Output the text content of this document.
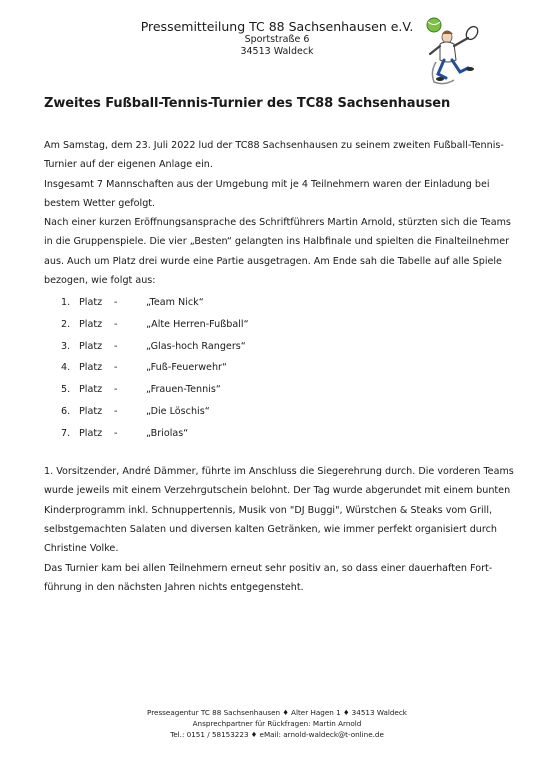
Pressemitteilung TC 88 Sachsenhausen e.V.
Sportstraße 6
34513 Waldeck
Zweites Fußball-Tennis-Turnier des TC88 Sachsenhausen

Am Samstag, dem 23. Juli 2022 lud der TC88 Sachsenhausen zu seinem zweiten Fußball-Tennis-Turnier auf der eigenen Anlage ein.

Insgesamt 7 Mannschaften aus der Umgebung mit je 4 Teilnehmern waren der Einladung bei bestem Wetter gefolgt.

Nach einer kurzen Eröffnungsansprache des Schriftführers Martin Arnold, stürzten sich die Teams in die Gruppenspiele. Die vier „Besten“ gelangten ins Halbfinale und spielten die Finalteilnehmer aus. Auch um Platz drei wurde eine Partie ausgetragen. Am Ende sah die Tabelle auf alle Spiele bezogen, wie folgt aus:

1. Platz -	„Team Nick“
2. Platz -	„Alte Herren-Fußball“
3. Platz -	„Glas-hoch Rangers“
4. Platz -	„Fuß-Feuerwehr“
5. Platz -	„Frauen-Tennis“
6. Platz -	„Die Löschis“
7. Platz -	„Briolas“

1. Vorsitzender, André Dämmer, führte im Anschluss die Siegerehrung durch. Die vorderen Teams wurde jeweils mit einem Verzehrgutschein belohnt. Der Tag wurde abgerundet mit einem bunten Kinderprogramm inkl. Schnuppertennis, Musik von "DJ Buggi", Würstchen & Steaks vom Grill, selbstgemachten Salaten und diversen kalten Getränken, wie immer perfekt organisiert durch Christine Volke.

Das Turnier kam bei allen Teilnehmern erneut sehr positiv an, so dass einer dauerhaften Fort-führung in den nächsten Jahren nichts entgegensteht.

Presseagentur TC 88 Sachsenhausen ♦ Alter Hagen 1 ♦ 34513 Waldeck
Ansprechpartner für Rückfragen: Martin Arnold
Tel.: 0151 / 58153223 ♦ eMail: arnold-waldeck@t-online.de
